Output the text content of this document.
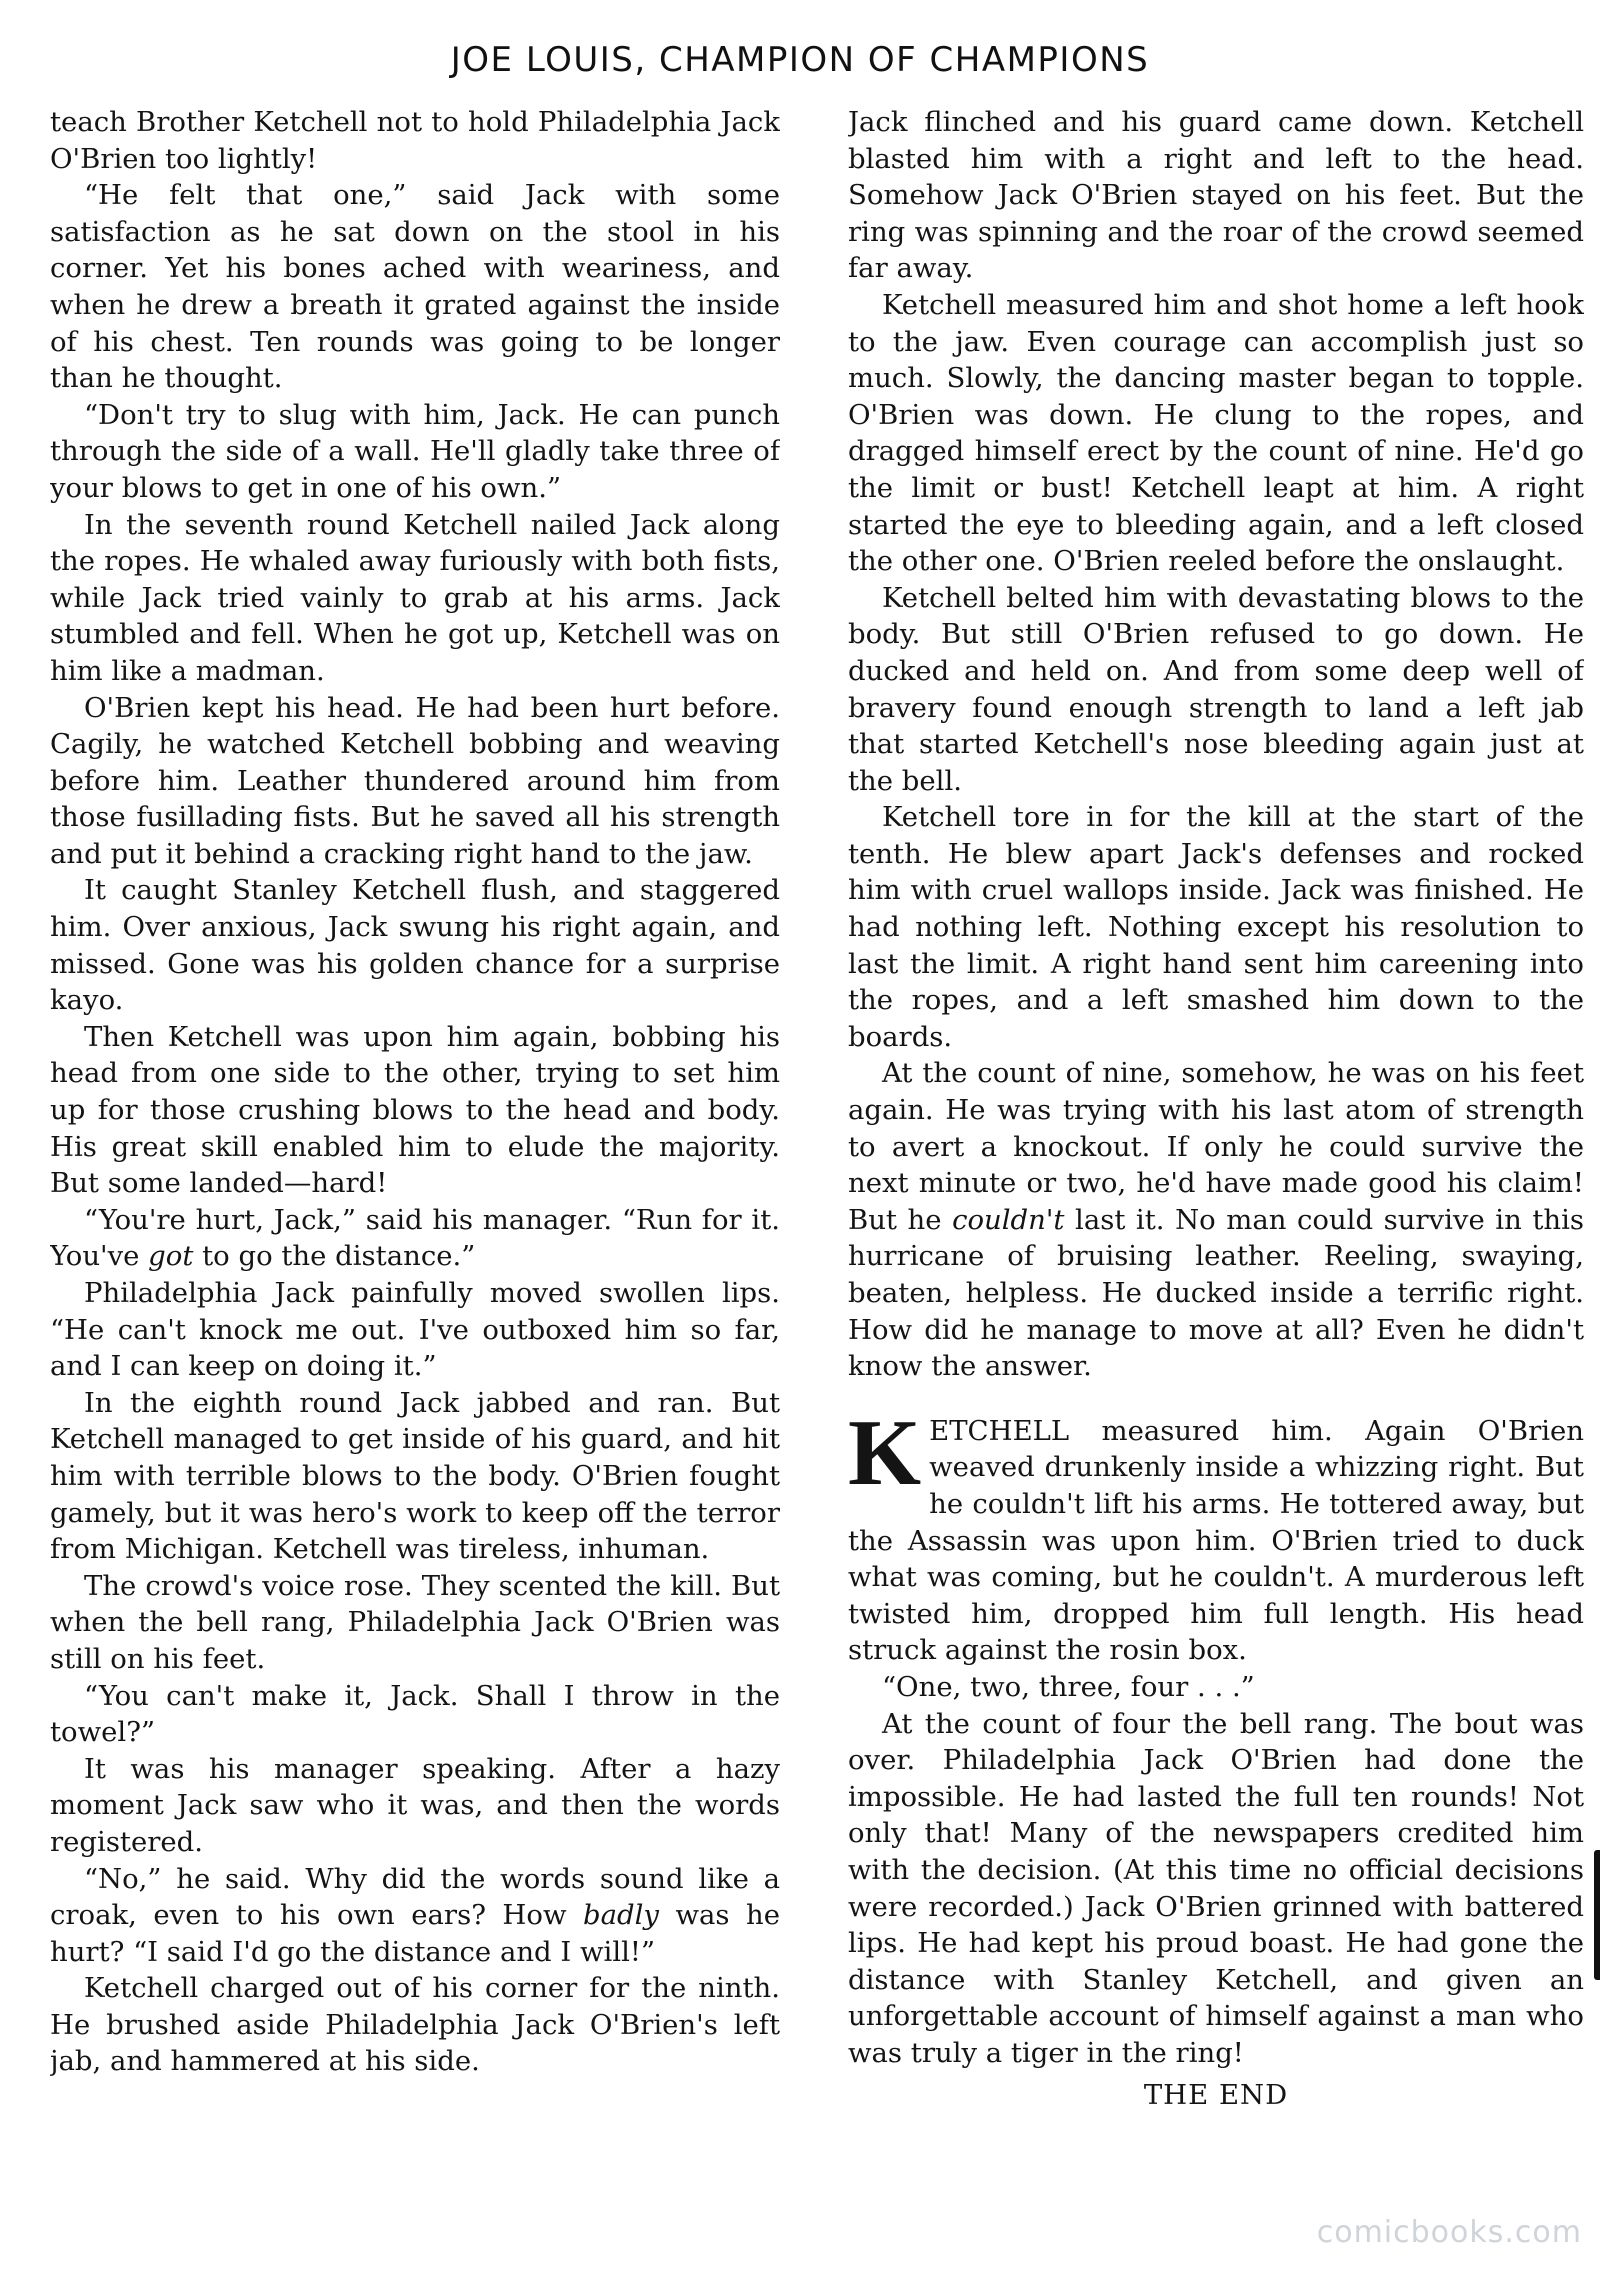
JOE LOUIS, CHAMPION OF CHAMPIONS

teach Brother Ketchell not to hold Philadelphia Jack O'Brien too lightly!

“He felt that one,” said Jack with some satisfaction as he sat down on the stool in his corner. Yet his bones ached with weariness, and when he drew a breath it grated against the inside of his chest. Ten rounds was going to be longer than he thought.

“Don't try to slug with him, Jack. He can punch through the side of a wall. He'll gladly take three of your blows to get in one of his own.”

In the seventh round Ketchell nailed Jack along the ropes. He whaled away furiously with both fists, while Jack tried vainly to grab at his arms. Jack stumbled and fell. When he got up, Ketchell was on him like a madman.

O'Brien kept his head. He had been hurt before. Cagily, he watched Ketchell bobbing and weaving before him. Leather thundered around him from those fusillading fists. But he saved all his strength and put it behind a cracking right hand to the jaw.

It caught Stanley Ketchell flush, and staggered him. Over anxious, Jack swung his right again, and missed. Gone was his golden chance for a surprise kayo.

Then Ketchell was upon him again, bobbing his head from one side to the other, trying to set him up for those crushing blows to the head and body. His great skill enabled him to elude the majority. But some landed—hard!

“You're hurt, Jack,” said his manager. “Run for it. You've got to go the distance.”

Philadelphia Jack painfully moved swollen lips. “He can't knock me out. I've outboxed him so far, and I can keep on doing it.”

In the eighth round Jack jabbed and ran. But Ketchell managed to get inside of his guard, and hit him with terrible blows to the body. O'Brien fought gamely, but it was hero's work to keep off the terror from Michigan. Ketchell was tireless, inhuman.

The crowd's voice rose. They scented the kill. But when the bell rang, Philadelphia Jack O'Brien was still on his feet.

“You can't make it, Jack. Shall I throw in the towel?”

It was his manager speaking. After a hazy moment Jack saw who it was, and then the words registered.

“No,” he said. Why did the words sound like a croak, even to his own ears? How badly was he hurt? “I said I'd go the distance and I will!”

Ketchell charged out of his corner for the ninth. He brushed aside Philadelphia Jack O'Brien's left jab, and hammered at his side.

Jack flinched and his guard came down. Ketchell blasted him with a right and left to the head. Somehow Jack O'Brien stayed on his feet. But the ring was spinning and the roar of the crowd seemed far away.

Ketchell measured him and shot home a left hook to the jaw. Even courage can accomplish just so much. Slowly, the dancing master began to topple. O'Brien was down. He clung to the ropes, and dragged himself erect by the count of nine. He'd go the limit or bust! Ketchell leapt at him. A right started the eye to bleeding again, and a left closed the other one. O'Brien reeled before the onslaught.

Ketchell belted him with devastating blows to the body. But still O'Brien refused to go down. He ducked and held on. And from some deep well of bravery found enough strength to land a left jab that started Ketchell's nose bleeding again just at the bell.

Ketchell tore in for the kill at the start of the tenth. He blew apart Jack's defenses and rocked him with cruel wallops inside. Jack was finished. He had nothing left. Nothing except his resolution to last the limit. A right hand sent him careening into the ropes, and a left smashed him down to the boards.

At the count of nine, somehow, he was on his feet again. He was trying with his last atom of strength to avert a knockout. If only he could survive the next minute or two, he'd have made good his claim! But he couldn't last it. No man could survive in this hurricane of bruising leather. Reeling, swaying, beaten, helpless. He ducked inside a terrific right. How did he manage to move at all? Even he didn't know the answer.

KETCHELL measured him. Again O'Brien weaved drunkenly inside a whizzing right. But he couldn't lift his arms. He tottered away, but the Assassin was upon him. O'Brien tried to duck what was coming, but he couldn't. A murderous left twisted him, dropped him full length. His head struck against the rosin box.

“One, two, three, four . . .”

At the count of four the bell rang. The bout was over. Philadelphia Jack O'Brien had done the impossible. He had lasted the full ten rounds! Not only that! Many of the newspapers credited him with the decision. (At this time no official decisions were recorded.) Jack O'Brien grinned with battered lips. He had kept his proud boast. He had gone the distance with Stanley Ketchell, and given an unforgettable account of himself against a man who was truly a tiger in the ring!

THE END

comicbooks.com
